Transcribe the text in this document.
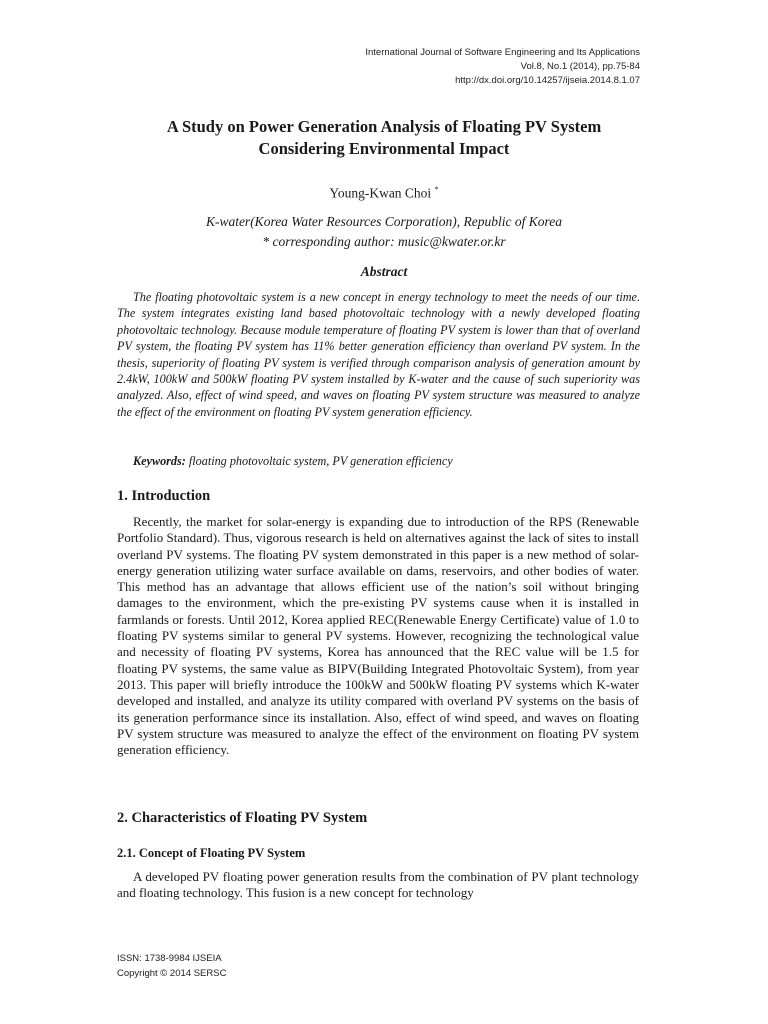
International Journal of Software Engineering and Its Applications
Vol.8, No.1 (2014), pp.75-84
http://dx.doi.org/10.14257/ijseia.2014.8.1.07
A Study on Power Generation Analysis of Floating PV System
Considering Environmental Impact
Young-Kwan Choi *
K-water(Korea Water Resources Corporation), Republic of Korea
* corresponding author: music@kwater.or.kr
Abstract

The floating photovoltaic system is a new concept in energy technology to meet the needs of our time. The system integrates existing land based photovoltaic technology with a newly developed floating photovoltaic technology. Because module temperature of floating PV system is lower than that of overland PV system, the floating PV system has 11% better generation efficiency than overland PV system. In the thesis, superiority of floating PV system is verified through comparison analysis of generation amount by 2.4kW, 100kW and 500kW floating PV system installed by K-water and the cause of such superiority was analyzed. Also, effect of wind speed, and waves on floating PV system structure was measured to analyze the effect of the environment on floating PV system generation efficiency.

Keywords: floating photovoltaic system, PV generation efficiency
1. Introduction

Recently, the market for solar-energy is expanding due to introduction of the RPS (Renewable Portfolio Standard). Thus, vigorous research is held on alternatives against the lack of sites to install overland PV systems. The floating PV system demonstrated in this paper is a new method of solar-energy generation utilizing water surface available on dams, reservoirs, and other bodies of water. This method has an advantage that allows efficient use of the nation’s soil without bringing damages to the environment, which the pre-existing PV systems cause when it is installed in farmlands or forests. Until 2012, Korea applied REC(Renewable Energy Certificate) value of 1.0 to floating PV systems similar to general PV systems. However, recognizing the technological value and necessity of floating PV systems, Korea has announced that the REC value will be 1.5 for floating PV systems, the same value as BIPV(Building Integrated Photovoltaic System), from year 2013. This paper will briefly introduce the 100kW and 500kW floating PV systems which K-water developed and installed, and analyze its utility compared with overland PV systems on the basis of its generation performance since its installation. Also, effect of wind speed, and waves on floating PV system structure was measured to analyze the effect of the environment on floating PV system generation efficiency.

2. Characteristics of Floating PV System
2.1. Concept of Floating PV System

A developed PV floating power generation results from the combination of PV plant technology and floating technology. This fusion is a new concept for technology

ISSN: 1738-9984 IJSEIA
Copyright © 2014 SERSC
